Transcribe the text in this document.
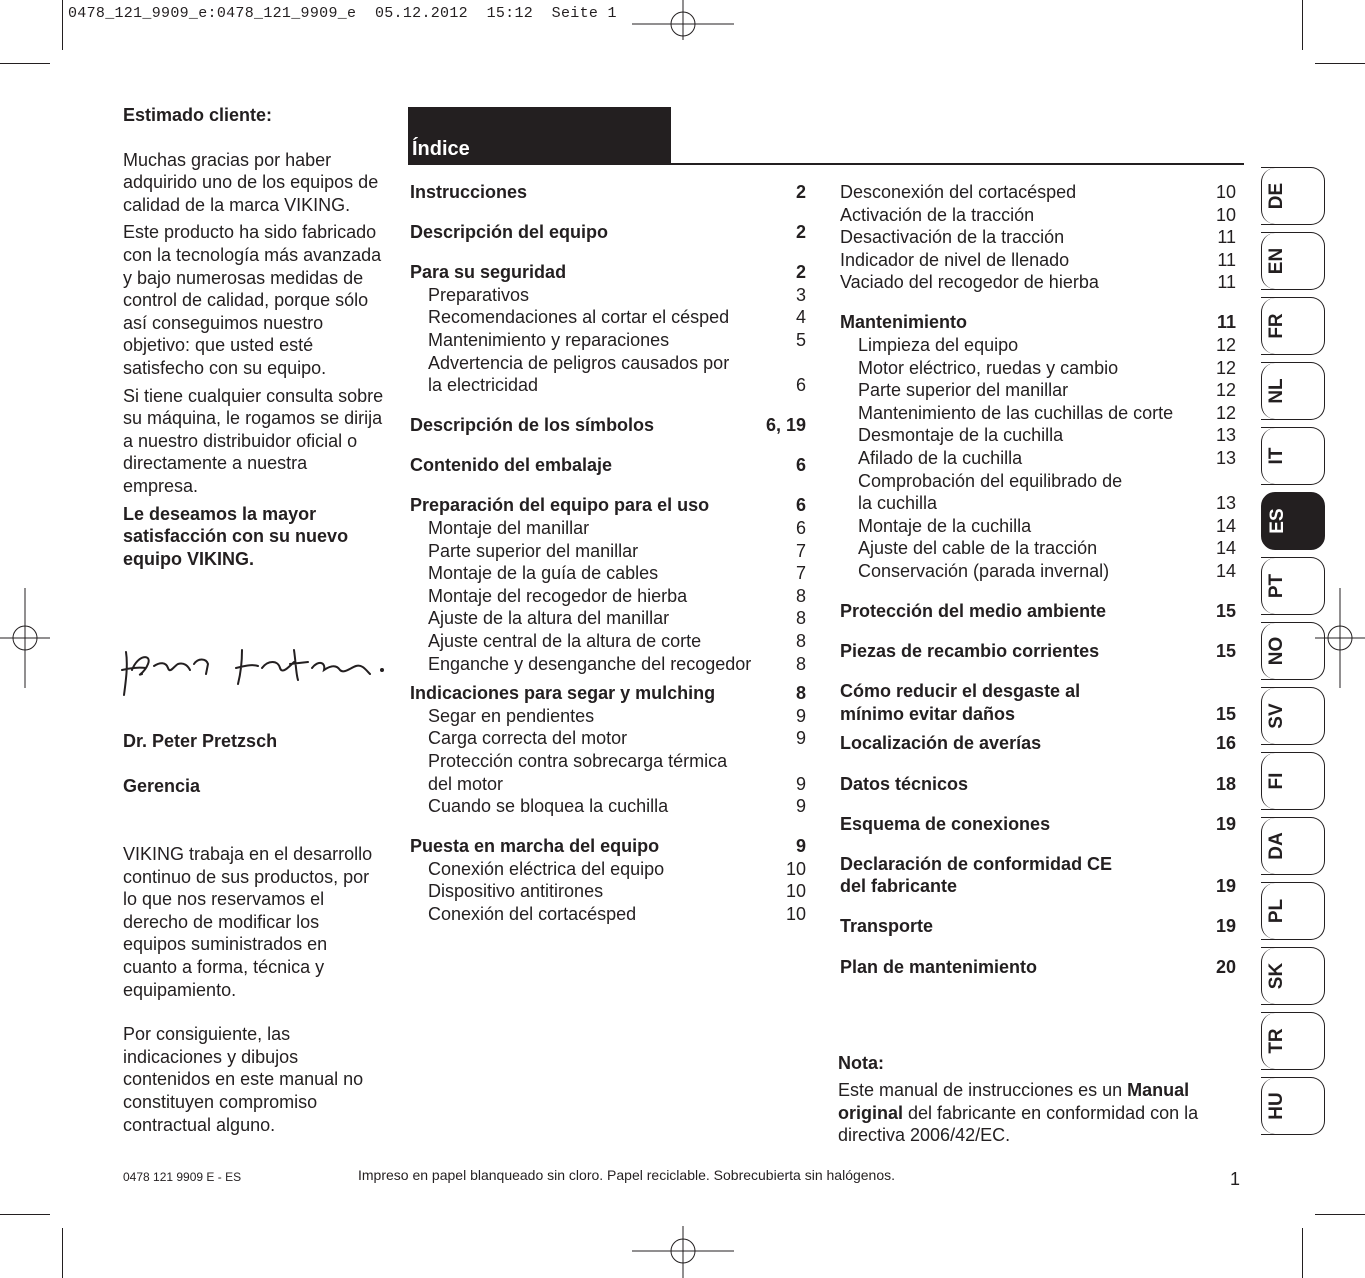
0478_121_9909_e:0478_121_9909_e  05.12.2012  15:12  Seite 1

Estimado cliente:

Muchas gracias por haber adquirido uno de los equipos de calidad de la marca VIKING.

Este producto ha sido fabricado con la tecnología más avanzada y bajo numerosas medidas de control de calidad, porque sólo así conseguimos nuestro objetivo: que usted esté satisfecho con su equipo.

Si tiene cualquier consulta sobre su máquina, le rogamos se dirija a nuestro distribuidor oficial o directamente a nuestra empresa.

Le deseamos la mayor satisfacción con su nuevo equipo VIKING.

Dr. Peter Pretzsch
Gerencia

VIKING trabaja en el desarrollo continuo de sus productos, por lo que nos reservamos el derecho de modificar los equipos suministrados en cuanto a forma, técnica y equipamiento.

Por consiguiente, las indicaciones y dibujos contenidos en este manual no constituyen compromiso contractual alguno.

Índice
Instrucciones	2
Descripción del equipo	2
Para su seguridad	2
Preparativos	3
Recomendaciones al cortar el césped	4
Mantenimiento y reparaciones	5
Advertencia de peligros causados por
la electricidad	6
Descripción de los símbolos	6, 19
Contenido del embalaje	6
Preparación del equipo para el uso	6
Montaje del manillar	6
Parte superior del manillar	7
Montaje de la guía de cables	7
Montaje del recogedor de hierba	8
Ajuste de la altura del manillar	8
Ajuste central de la altura de corte	8
Enganche y desenganche del recogedor 8
Indicaciones para segar y mulching	8
Segar en pendientes	9
Carga correcta del motor	9
Protección contra sobrecarga térmica
del motor	9
Cuando se bloquea la cuchilla	9
Puesta en marcha del equipo	9
Conexión eléctrica del equipo	10
Dispositivo antitirones	10
Conexión del cortacésped	10
Desconexión del cortacésped	10
Activación de la tracción	10
Desactivación de la tracción	11
Indicador de nivel de llenado	11
Vaciado del recogedor de hierba	11
Mantenimiento	11
Limpieza del equipo	12
Motor eléctrico, ruedas y cambio	12
Parte superior del manillar	12
Mantenimiento de las cuchillas de corte 12
Desmontaje de la cuchilla	13
Afilado de la cuchilla	13
Comprobación del equilibrado de
la cuchilla	13
Montaje de la cuchilla	14
Ajuste del cable de la tracción	14
Conservación (parada invernal)	14
Protección del medio ambiente	15
Piezas de recambio corrientes	15
Cómo reducir el desgaste al
mínimo evitar daños	15
Localización de averías	16
Datos técnicos	18
Esquema de conexiones	19
Declaración de conformidad CE
del fabricante	19
Transporte	19
Plan de mantenimiento	20
Nota:
Este manual de instrucciones es un Manual original del fabricante en conformidad con la directiva 2006/42/EC.
DE
EN
FR
NL
IT
ES
PT
NO
SV
FI
DA
PL
SK
TR
HU
0478 121 9909 E - ES	Impreso en papel blanqueado sin cloro. Papel reciclable. Sobrecubierta sin halógenos.	1
